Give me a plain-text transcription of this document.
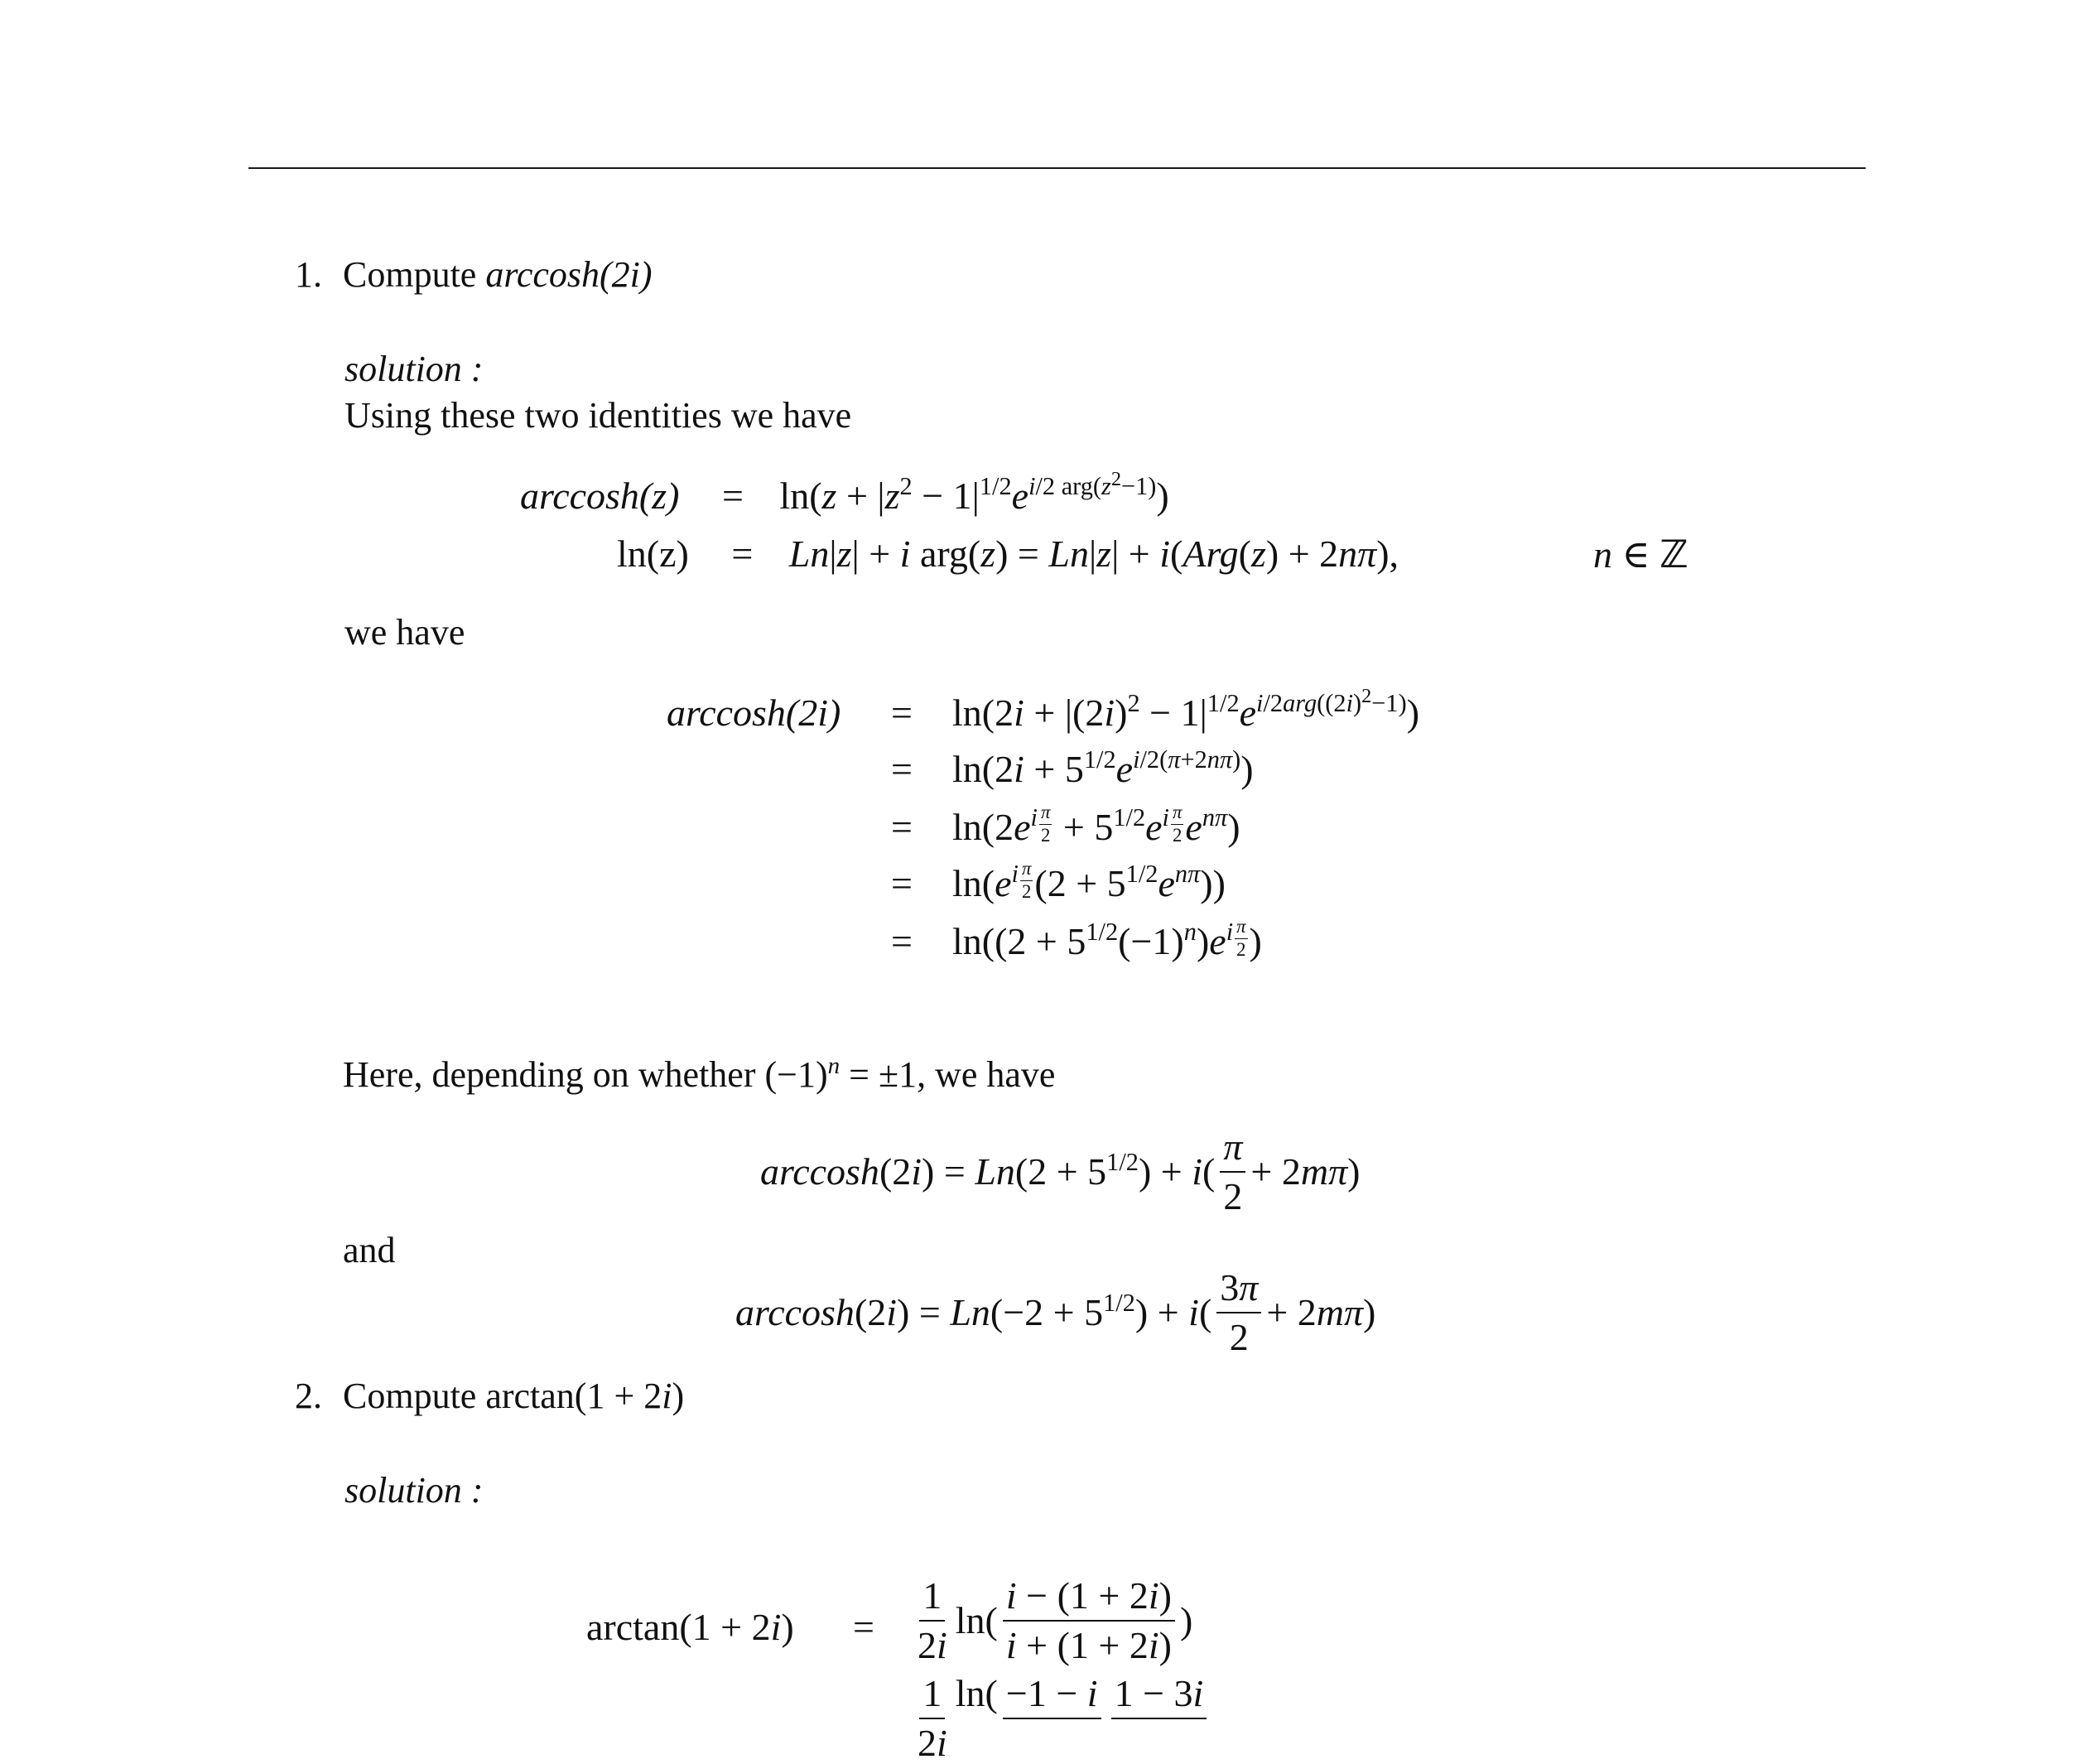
1. Compute arccosh(2i)
solution :
Using these two identities we have
$\arccos h(z) = \ln(z + |z^2 - 1|^{1/2}e^{i/2 arg(z^2-1)})$
ln(z) = Ln|z| + i arg(z) = Ln|z| + i(Arg(z) + 2nπ),	n ∈ ℤ
we have
$\arccos h(2i) = \ln(2i + |(2i)^2 - 1|^{1/2}e^{i/2arg((2i)^2-1)})$
= $\ln(2i + 5^{1/2}e^{i/2(\pi+2n\pi)})$
= $\ln(2e^{i \frac{\pi}{2}} + 5^{1/2}e^{i \frac{\pi}{2}}$ $e^{n\pi}$)
= $\ln(e^{i \frac{\pi}{2}}$ $(2 + 5^{1/2}e^{n\pi})$)
= $\ln((2 + 5^{1/2}(-1)^n)e^{i \frac{\pi}{2}}$ )
Here, depending on whether $(-1)^n = \pm 1$, we have
$\arccos h(2i) = Ln(2 + 5^{1/2}) + i( \frac{\pi}{2} + 2m\pi)$
and
$\arccos h(2i) = Ln(-2 + 5^{1/2}) + i( \frac{3\pi}{2} + 2m\pi)$
2. Compute arctan(1 + 2i)
solution :
$\arctan(1 + 2i) = \frac{1}{2i} \ln( \frac{i - (1 + 2i)}{i + (1 + 2i)}$ )
$\frac{1}{2i} \ln( -1 - i$ 1 − 3i
